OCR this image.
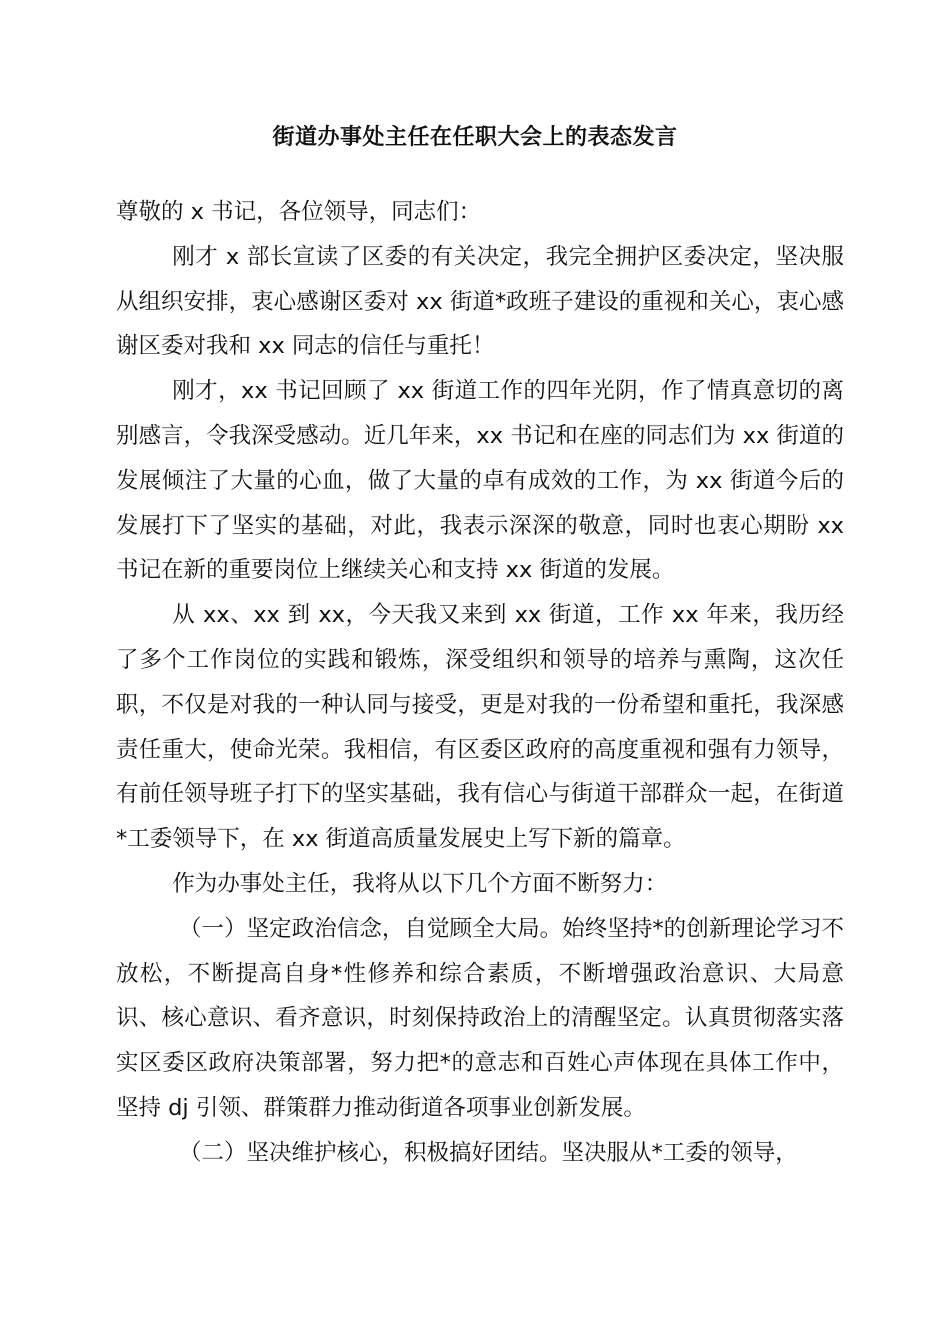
街道办事处主任在任职大会上的表态发言

尊敬的 x 书记，各位领导，同志们：

刚才 x 部长宣读了区委的有关决定，我完全拥护区委决定，坚决服从组织安排，衷心感谢区委对 xx 街道*政班子建设的重视和关心，衷心感谢区委对我和 xx 同志的信任与重托！

刚才，xx 书记回顾了 xx 街道工作的四年光阴，作了情真意切的离别感言，令我深受感动。近几年来，xx 书记和在座的同志们为 xx 街道的发展倾注了大量的心血，做了大量的卓有成效的工作，为 xx 街道今后的发展打下了坚实的基础，对此，我表示深深的敬意，同时也衷心期盼 xx 书记在新的重要岗位上继续关心和支持 xx 街道的发展。

从 xx、xx 到 xx，今天我又来到 xx 街道，工作 xx 年来，我历经了多个工作岗位的实践和锻炼，深受组织和领导的培养与熏陶，这次任职，不仅是对我的一种认同与接受，更是对我的一份希望和重托，我深感责任重大，使命光荣。我相信，有区委区政府的高度重视和强有力领导，有前任领导班子打下的坚实基础，我有信心与街道干部群众一起，在街道*工委领导下，在 xx 街道高质量发展史上写下新的篇章。

作为办事处主任，我将从以下几个方面不断努力：

（一）坚定政治信念，自觉顾全大局。始终坚持*的创新理论学习不放松，不断提高自身*性修养和综合素质，不断增强政治意识、大局意识、核心意识、看齐意识，时刻保持政治上的清醒坚定。认真贯彻落实落实区委区政府决策部署，努力把*的意志和百姓心声体现在具体工作中，坚持 dj 引领、群策群力推动街道各项事业创新发展。

（二）坚决维护核心，积极搞好团结。坚决服从*工委的领导，
